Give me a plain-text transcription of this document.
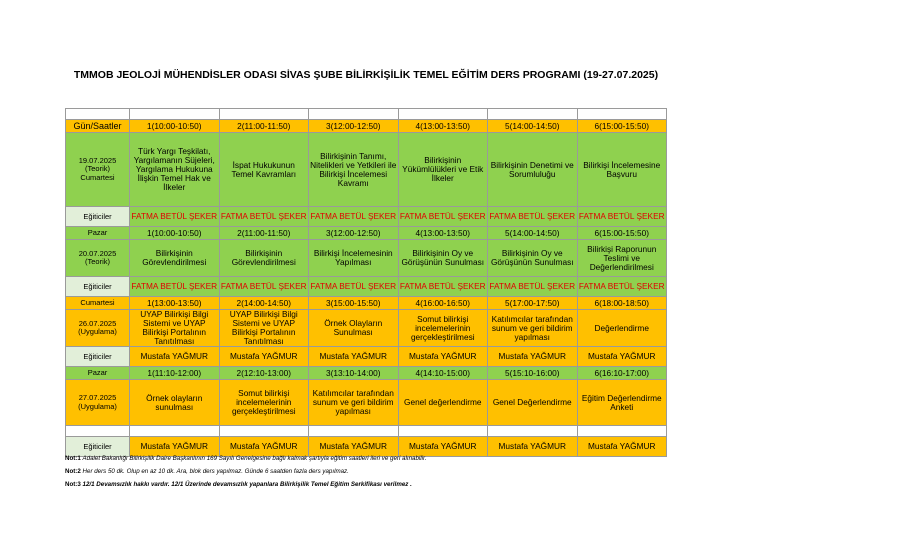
TMMOB JEOLOJİ MÜHENDİSLER ODASI SİVAS ŞUBE BİLİRKİŞİLİK TEMEL EĞİTİM DERS PROGRAMI (19-27.07.2025)

Gün/Saatler	1(10:00-10:50)	2(11:00-11:50)	3(12:00-12:50)	4(13:00-13:50)	5(14:00-14:50)	6(15:00-15:50)
19.07.2025 (Teorik) Cumartesi	Türk Yargı Teşkilatı, Yargılamanın Süjeleri, Yargılama Hukukuna İlişkin Temel Hak ve İlkeler	İspat Hukukunun Temel Kavramları	Bilirkişinin Tanımı, Nitelikleri ve Yetkileri ile Bilirkişi İncelemesi Kavramı	Bilirkişinin Yükümlülükleri ve Etik İlkeler	Bilirkişinin Denetimi ve Sorumluluğu	Bilirkişi İncelemesine Başvuru
Eğiticiler	FATMA BETÜL ŞEKER	FATMA BETÜL ŞEKER	FATMA BETÜL ŞEKER	FATMA BETÜL ŞEKER	FATMA BETÜL ŞEKER	FATMA BETÜL ŞEKER
Pazar	1(10:00-10:50)	2(11:00-11:50)	3(12:00-12:50)	4(13:00-13:50)	5(14:00-14:50)	6(15:00-15:50)
20.07.2025 (Teorik)	Bilirkişinin Görevlendirilmesi	Bilirkişinin Görevlendirilmesi	Bilirkişi İncelemesinin Yapılması	Bilirkişinin Oy ve Görüşünün Sunulması	Bilirkişinin Oy ve Görüşünün Sunulması	Bilirkişi Raporunun Teslimi ve Değerlendirilmesi
Eğiticiler	FATMA BETÜL ŞEKER	FATMA BETÜL ŞEKER	FATMA BETÜL ŞEKER	FATMA BETÜL ŞEKER	FATMA BETÜL ŞEKER	FATMA BETÜL ŞEKER
Cumartesi	1(13:00-13:50)	2(14:00-14:50)	3(15:00-15:50)	4(16:00-16:50)	5(17:00-17:50)	6(18:00-18:50)
26.07.2025 (Uygulama)	UYAP Bilirkişi Bilgi Sistemi ve UYAP Bilirkişi Portalının Tanıtılması	UYAP Bilirkişi Bilgi Sistemi ve UYAP Bilirkişi Portalının Tanıtılması	Örnek Olayların Sunulması	Somut bilirkişi incelemelerinin gerçekleştirilmesi	Katılımcılar tarafından sunum ve geri bildirim yapılması	Değerlendirme
Eğiticiler	Mustafa YAĞMUR	Mustafa YAĞMUR	Mustafa YAĞMUR	Mustafa YAĞMUR	Mustafa YAĞMUR	Mustafa YAĞMUR
Pazar	1(11:10-12:00)	2(12:10-13:00)	3(13:10-14:00)	4(14:10-15:00)	5(15:10-16:00)	6(16:10-17:00)
27.07.2025 (Uygulama)	Örnek olayların sunulması	Somut bilirkişi incelemelerinin gerçekleştirilmesi	Katılımcılar tarafından sunum ve geri bildirim yapılması	Genel değerlendirme	Genel Değerlendirme	Eğitim Değerlendirme Anketi

Eğiticiler	Mustafa YAĞMUR	Mustafa YAĞMUR	Mustafa YAĞMUR	Mustafa YAĞMUR	Mustafa YAĞMUR	Mustafa YAĞMUR
Not:1 Adalet Bakanlığı Bilirkişilik Daire Başkanlının 169 Sayılı Genelgesine bağlı kalmak şartıyla eğitim saatleri ileri ve geri alınabilir.
Not:2 Her ders 50 dk. Olup en az 10 dk. Ara, blok ders yapılmaz. Günde 6 saatden fazla ders yapılmaz.
Not:3 12/1 Devamsızlık hakkı vardır. 12/1 Üzerinde devamsızlık yapanlara Bilirkişilik Temel Eğitim Serkifikası verilmez .
